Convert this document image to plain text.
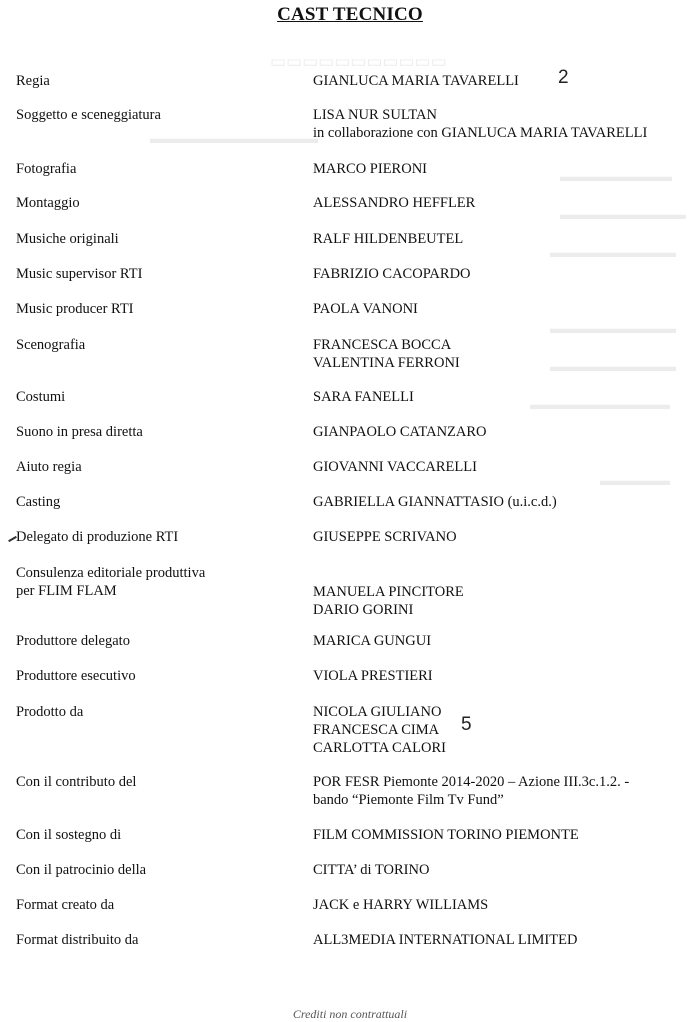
▭▭▭▭▭▭▭▭▭▭▭
▬▬▬▬▬▬▬▬▬▬▬▬
▬▬▬▬▬▬▬▬
▬▬▬▬▬▬▬▬▬
▬▬▬▬▬▬▬▬▬
▬▬▬▬▬▬▬▬▬
▬▬▬▬▬▬▬▬▬
▬▬▬▬▬▬▬▬▬▬
▬▬▬▬▬
CAST TECNICO
Regia	GIANLUCA MARIA TAVARELLI
Soggetto e sceneggiatura	LISA NUR SULTAN
in collaborazione con GIANLUCA MARIA TAVARELLI
Fotografia	MARCO PIERONI
Montaggio	ALESSANDRO HEFFLER
Musiche originali	RALF HILDENBEUTEL
Music supervisor RTI	FABRIZIO CACOPARDO
Music producer RTI	PAOLA VANONI
Scenografia	FRANCESCA BOCCA
VALENTINA FERRONI
Costumi	SARA FANELLI
Suono in presa diretta	GIANPAOLO CATANZARO
Aiuto regia	GIOVANNI VACCARELLI
Casting	GABRIELLA GIANNATTASIO (u.i.c.d.)
Delegato di produzione RTI	GIUSEPPE SCRIVANO
Consulenza editoriale produttiva
per FLIM FLAM	MANUELA PINCITORE
DARIO GORINI
Produttore delegato	MARICA GUNGUI
Produttore esecutivo	VIOLA PRESTIERI
Prodotto da	NICOLA GIULIANO
FRANCESCA CIMA
CARLOTTA CALORI
Con il contributo del	POR FESR Piemonte 2014-2020 – Azione III.3c.1.2. -
bando “Piemonte Film Tv Fund”
Con il sostegno di	FILM COMMISSION TORINO PIEMONTE
Con il patrocinio della	CITTA’ di TORINO
Format creato da	JACK e HARRY WILLIAMS
Format distribuito da	ALL3MEDIA INTERNATIONAL LIMITED
2
5
Crediti non contrattuali
